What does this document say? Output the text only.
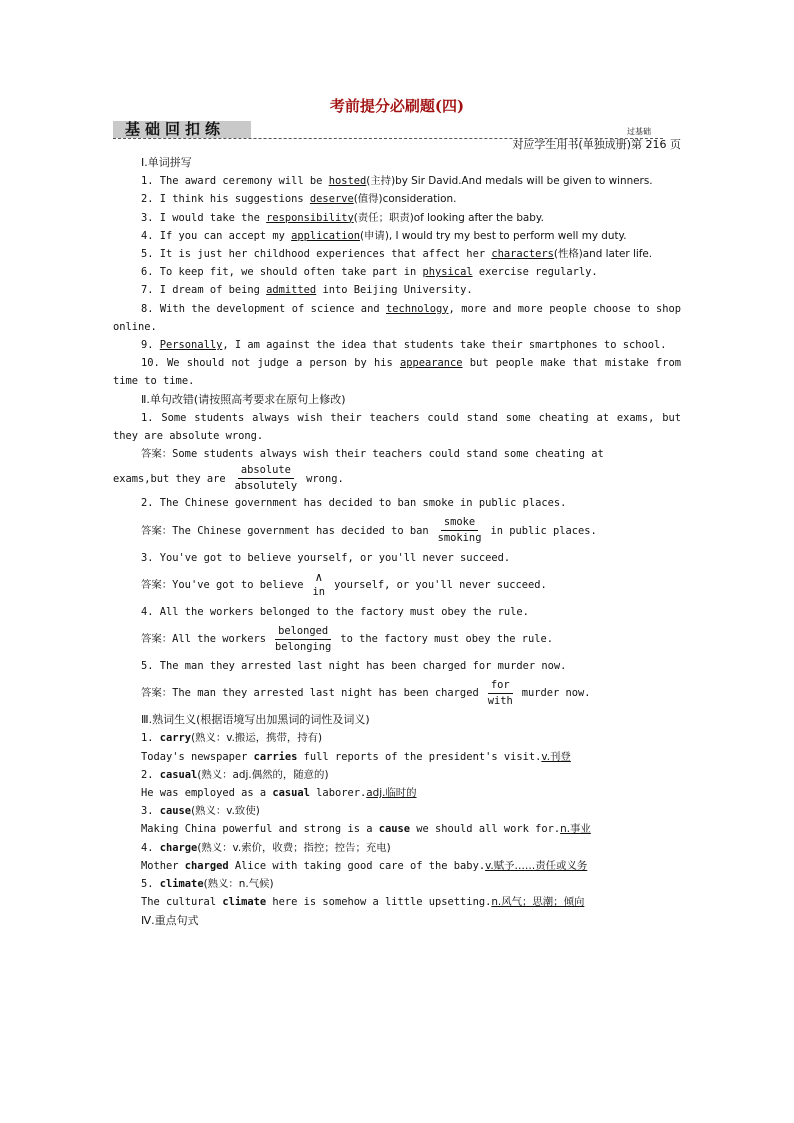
考前提分必刷题(四)
基础回扣练	过基础
对应学生用书(单独成册)第 216 页
Ⅰ.单词拼写
1. The award ceremony will be hosted(主持)by Sir David.And medals will be given to winners.
2. I think his suggestions deserve(值得)consideration.
3. I would take the responsibility(责任；职责)of looking after the baby.
4. If you can accept my application(申请), I would try my best to perform well my duty.
5. It is just her childhood experiences that affect her characters(性格)and later life.
6. To keep fit, we should often take part in physical exercise regularly.
7. I dream of being admitted into Beijing University.
8. With the development of science and technology, more and more people choose to shop online.
9. Personally, I am against the idea that students take their smartphones to school.
10. We should not judge a person by his appearance but people make that mistake from time to time.
Ⅱ.单句改错(请按照高考要求在原句上修改)
1. Some students always wish their teachers could stand some cheating at exams, but they are absolute wrong.
答案：Some students always wish their teachers could stand some cheating at
exams,but they are $\frac{\text{absolute}}{\text{absolutely}}$ wrong.
2. The Chinese government has decided to ban smoke in public places.
答案： The Chinese government has decided to ban $\frac{\text{smoke}}{\text{smoking}}$ in public places.
3. You've got to believe yourself, or you'll never succeed.
答案： You've got to believe
∧
in
yourself, or you'll never succeed.
4. All the workers belonged to the factory must obey the rule.
答案： All the workers $\frac{\text{belonged}}{\text{belonging}}$ to the factory must obey the rule.
5. The man they arrested last night has been charged for murder now.
答案： The man they arrested last night has been charged $\frac{\text{for}}{\text{with}}$ murder now.
Ⅲ.熟词生义(根据语境写出加黑词的词性及词义)
1. carry(熟义：v.搬运，携带，持有)
Today's newspaper carries full reports of the president's visit.v.刊登
2. casual(熟义：adj.偶然的，随意的)
He was employed as a casual laborer.adj.临时的
3. cause(熟义：v.致使)
Making China powerful and strong is a cause we should all work for.n.事业
4. charge(熟义：v.索价，收费；指控；控告；充电)
Mother charged Alice with taking good care of the baby.v.赋予……责任或义务
5. climate(熟义：n.气候)
The cultural climate here is somehow a little upsetting.n.风气；思潮；倾向
Ⅳ.重点句式
